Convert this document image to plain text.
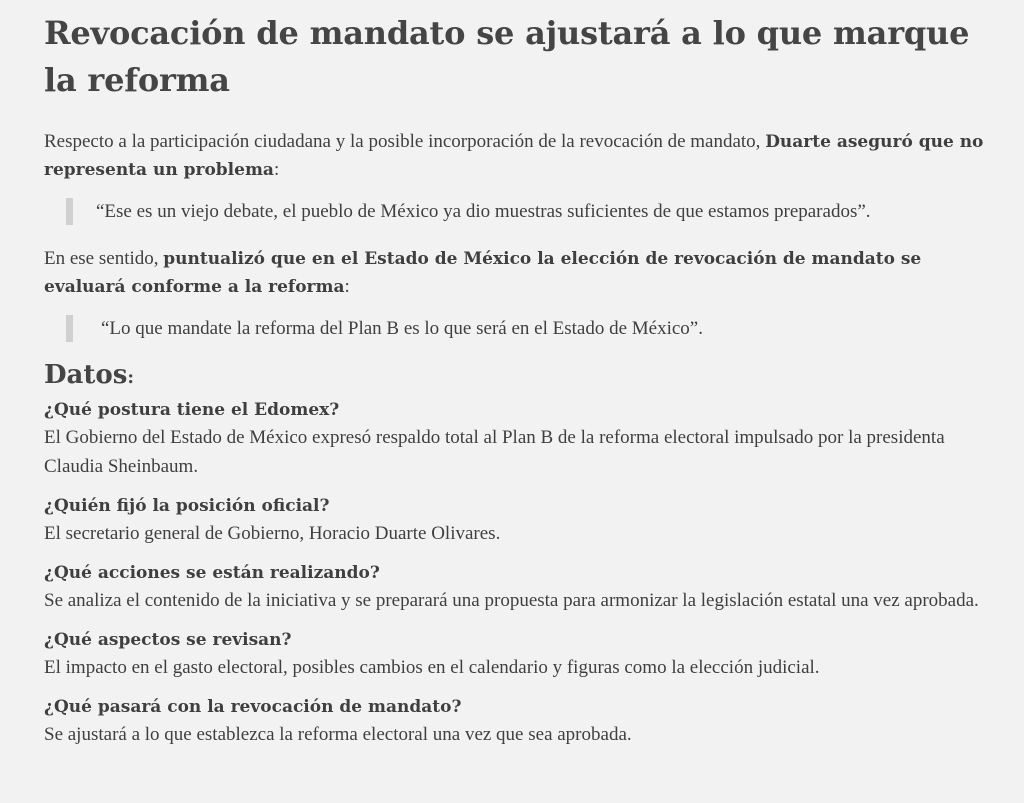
Revocación de mandato se ajustará a lo que marque la reforma

Respecto a la participación ciudadana y la posible incorporación de la revocación de mandato, Duarte aseguró que no representa un problema:

“Ese es un viejo debate, el pueblo de México ya dio muestras suficientes de que estamos preparados”.

En ese sentido, puntualizó que en el Estado de México la elección de revocación de mandato se evaluará conforme a la reforma:

“Lo que mandate la reforma del Plan B es lo que será en el Estado de México”.
Datos:
¿Qué postura tiene el Edomex?
El Gobierno del Estado de México expresó respaldo total al Plan B de la reforma electoral impulsado por la presidenta Claudia Sheinbaum.
¿Quién fijó la posición oficial?
El secretario general de Gobierno, Horacio Duarte Olivares.
¿Qué acciones se están realizando?
Se analiza el contenido de la iniciativa y se preparará una propuesta para armonizar la legislación estatal una vez aprobada.
¿Qué aspectos se revisan?
El impacto en el gasto electoral, posibles cambios en el calendario y figuras como la elección judicial.
¿Qué pasará con la revocación de mandato?
Se ajustará a lo que establezca la reforma electoral una vez que sea aprobada.
